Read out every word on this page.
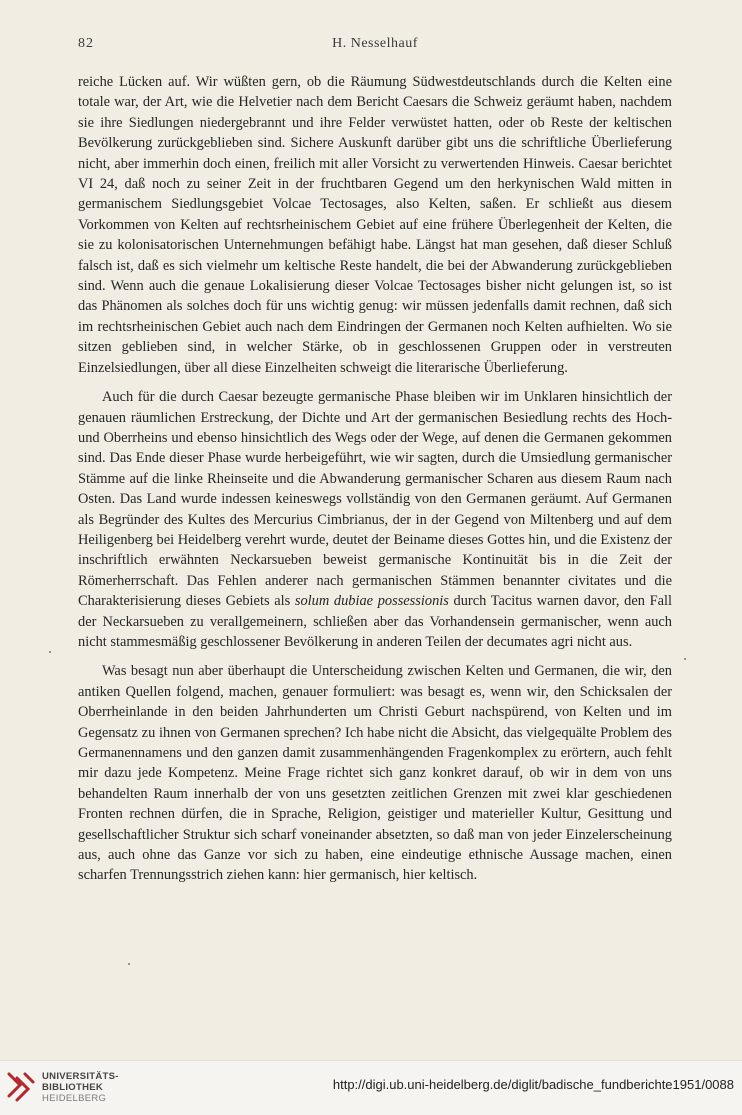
82	H. Nesselhauf

reiche Lücken auf. Wir wüßten gern, ob die Räumung Südwestdeutschlands durch die Kelten eine totale war, der Art, wie die Helvetier nach dem Bericht Caesars die Schweiz geräumt haben, nachdem sie ihre Siedlungen niedergebrannt und ihre Felder verwüstet hatten, oder ob Reste der keltischen Bevölkerung zurückgeblieben sind. Sichere Auskunft darüber gibt uns die schriftliche Überlieferung nicht, aber immerhin doch einen, freilich mit aller Vorsicht zu verwertenden Hinweis. Caesar berichtet VI 24, daß noch zu seiner Zeit in der fruchtbaren Gegend um den herkynischen Wald mitten in germanischem Siedlungsgebiet Volcae Tectosages, also Kelten, saßen. Er schließt aus diesem Vorkommen von Kelten auf rechtsrheinischem Gebiet auf eine frühere Überlegenheit der Kelten, die sie zu kolonisatorischen Unternehmungen befähigt habe. Längst hat man gesehen, daß dieser Schluß falsch ist, daß es sich vielmehr um keltische Reste handelt, die bei der Abwanderung zurückgeblieben sind. Wenn auch die genaue Lokalisierung dieser Volcae Tectosages bisher nicht gelungen ist, so ist das Phänomen als solches doch für uns wichtig genug: wir müssen jedenfalls damit rechnen, daß sich im rechtsrheinischen Gebiet auch nach dem Eindringen der Germanen noch Kelten aufhielten. Wo sie sitzen geblieben sind, in welcher Stärke, ob in geschlossenen Gruppen oder in verstreuten Einzelsiedlungen, über all diese Einzelheiten schweigt die literarische Überlieferung.

Auch für die durch Caesar bezeugte germanische Phase bleiben wir im Unklaren hinsichtlich der genauen räumlichen Erstreckung, der Dichte und Art der germanischen Besiedlung rechts des Hoch- und Oberrheins und ebenso hinsichtlich des Wegs oder der Wege, auf denen die Germanen gekommen sind. Das Ende dieser Phase wurde herbeigeführt, wie wir sagten, durch die Umsiedlung germanischer Stämme auf die linke Rheinseite und die Abwanderung germanischer Scharen aus diesem Raum nach Osten. Das Land wurde indessen keineswegs vollständig von den Germanen geräumt. Auf Germanen als Begründer des Kultes des Mercurius Cimbrianus, der in der Gegend von Miltenberg und auf dem Heiligenberg bei Heidelberg verehrt wurde, deutet der Beiname dieses Gottes hin, und die Existenz der inschriftlich erwähnten Neckarsueben beweist germanische Kontinuität bis in die Zeit der Römerherrschaft. Das Fehlen anderer nach germanischen Stämmen benannter civitates und die Charakterisierung dieses Gebiets als solum dubiae possessionis durch Tacitus warnen davor, den Fall der Neckarsueben zu verallgemeinern, schließen aber das Vorhandensein germanischer, wenn auch nicht stammesmäßig geschlossener Bevölkerung in anderen Teilen der decumates agri nicht aus.

Was besagt nun aber überhaupt die Unterscheidung zwischen Kelten und Germanen, die wir, den antiken Quellen folgend, machen, genauer formuliert: was besagt es, wenn wir, den Schicksalen der Oberrheinlande in den beiden Jahrhunderten um Christi Geburt nachspürend, von Kelten und im Gegensatz zu ihnen von Germanen sprechen? Ich habe nicht die Absicht, das vielgequälte Problem des Germanennamens und den ganzen damit zusammenhängenden Fragenkomplex zu erörtern, auch fehlt mir dazu jede Kompetenz. Meine Frage richtet sich ganz konkret darauf, ob wir in dem von uns behandelten Raum innerhalb der von uns gesetzten zeitlichen Grenzen mit zwei klar geschiedenen Fronten rechnen dürfen, die in Sprache, Religion, geistiger und materieller Kultur, Gesittung und gesellschaftlicher Struktur sich scharf voneinander absetzten, so daß man von jeder Einzelerscheinung aus, auch ohne das Ganze vor sich zu haben, eine eindeutige ethnische Aussage machen, einen scharfen Trennungsstrich ziehen kann: hier germanisch, hier keltisch.

UNIVERSITÄTS-
BIBLIOTHEK
HEIDELBERG
http://digi.ub.uni-heidelberg.de/diglit/badische_fundberichte1951/0088
